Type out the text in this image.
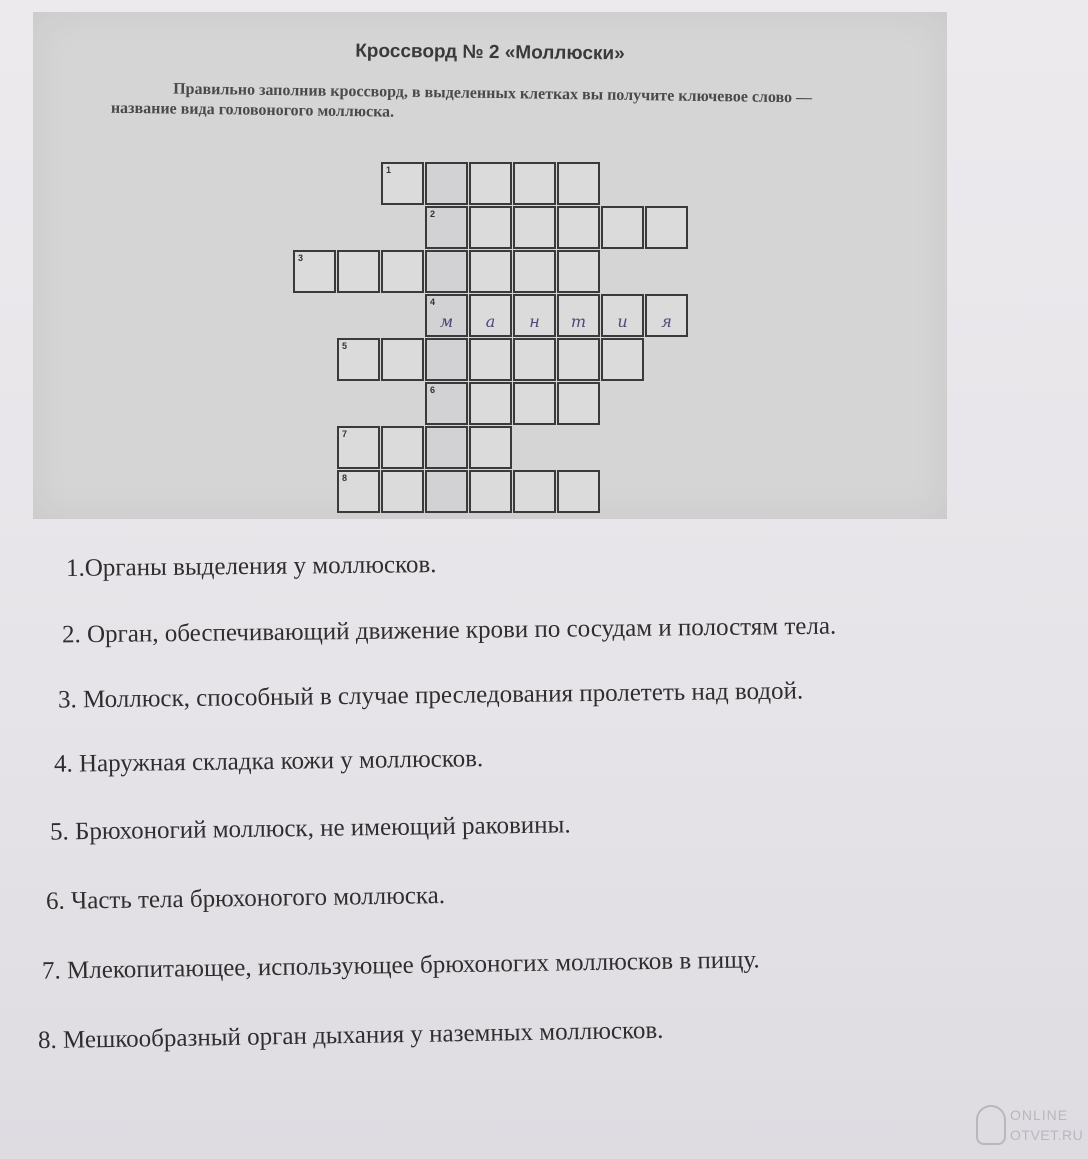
Кроссворд № 2 «Моллюски»
Правильно заполнив кроссворд, в выделенных клетках вы получите ключевое слово — название вида головоногого моллюска.
1
2
3
4
м	а	н	т	и	я
5
6
7
8
1.Органы выделения у моллюсков.
2. Орган, обеспечивающий движение крови по сосудам и полостям тела.
3. Моллюск, способный в случае преследования пролететь над водой.
4. Наружная складка кожи у моллюсков.
5. Брюхоногий моллюск, не имеющий раковины.
6. Часть тела брюхоногого моллюска.
7. Млекопитающее, использующее брюхоногих моллюсков в пищу.
8. Мешкообразный орган дыхания у наземных моллюсков.
ONLINE
OTVET.RU
